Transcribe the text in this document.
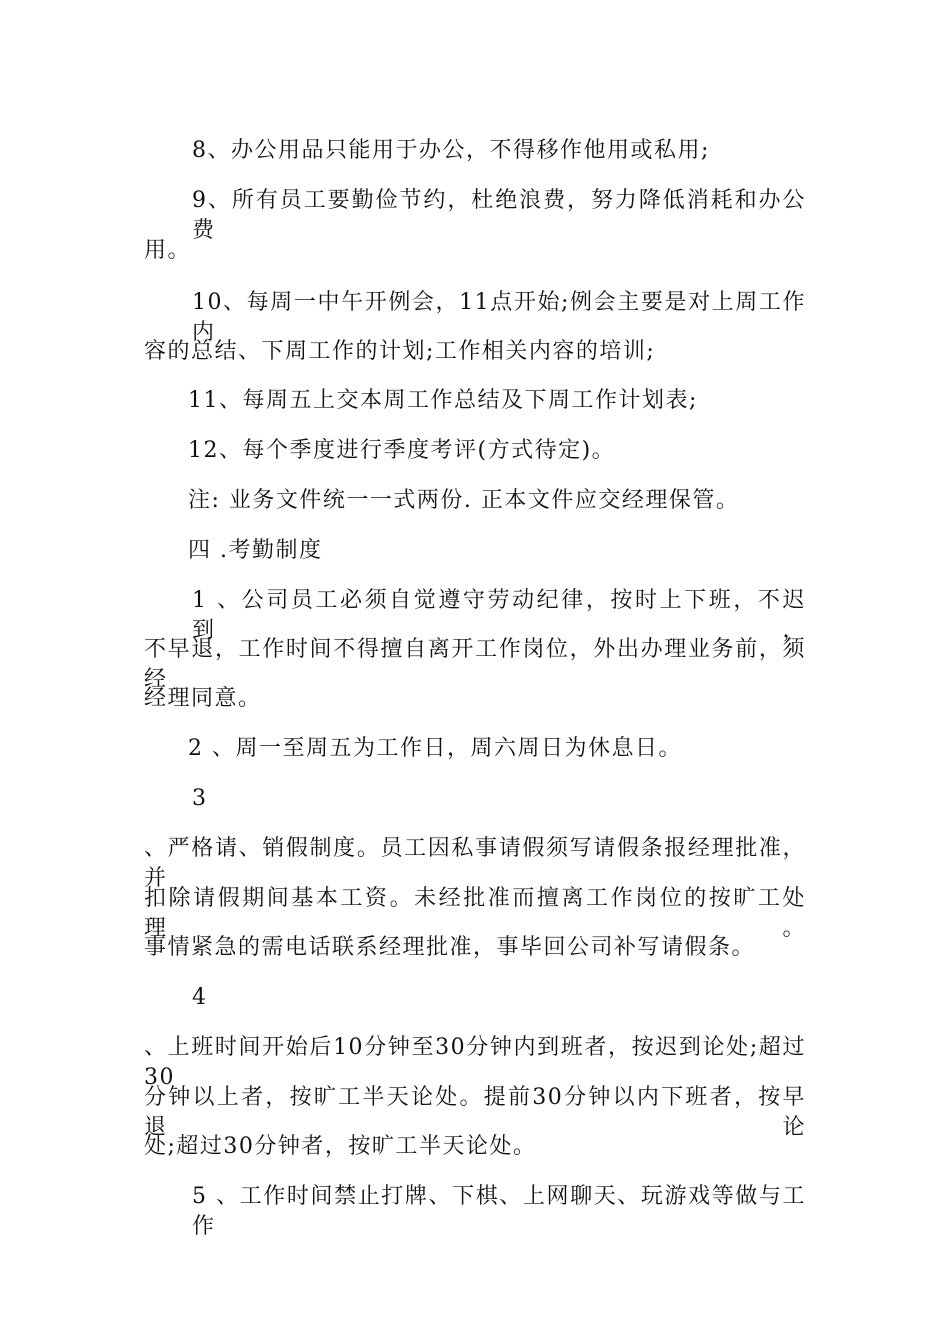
8、办公用品只能用于办公，不得移作他用或私用;
9、所有员工要勤俭节约，杜绝浪费，努力降低消耗和办公费
用。
10、每周一中午开例会，11点开始;例会主要是对上周工作内
容的总结、下周工作的计划;工作相关内容的培训;
11、每周五上交本周工作总结及下周工作计划表;
12、每个季度进行季度考评(方式待定)。
注: 业务文件统一一式两份. 正本文件应交经理保管。
四 .考勤制度
1 、公司员工必须自觉遵守劳动纪律，按时上下班，不迟到，
不早退，工作时间不得擅自离开工作岗位，外出办理业务前，须经
经理同意。
2 、周一至周五为工作日，周六周日为休息日。
3
、严格请、销假制度。员工因私事请假须写请假条报经理批准，并
扣除请假期间基本工资。未经批准而擅离工作岗位的按旷工处理。
事情紧急的需电话联系经理批准，事毕回公司补写请假条。
4
、上班时间开始后10分钟至30分钟内到班者，按迟到论处;超过30
分钟以上者，按旷工半天论处。提前30分钟以内下班者，按早退论
处;超过30分钟者，按旷工半天论处。
5 、工作时间禁止打牌、下棋、上网聊天、玩游戏等做与工作
